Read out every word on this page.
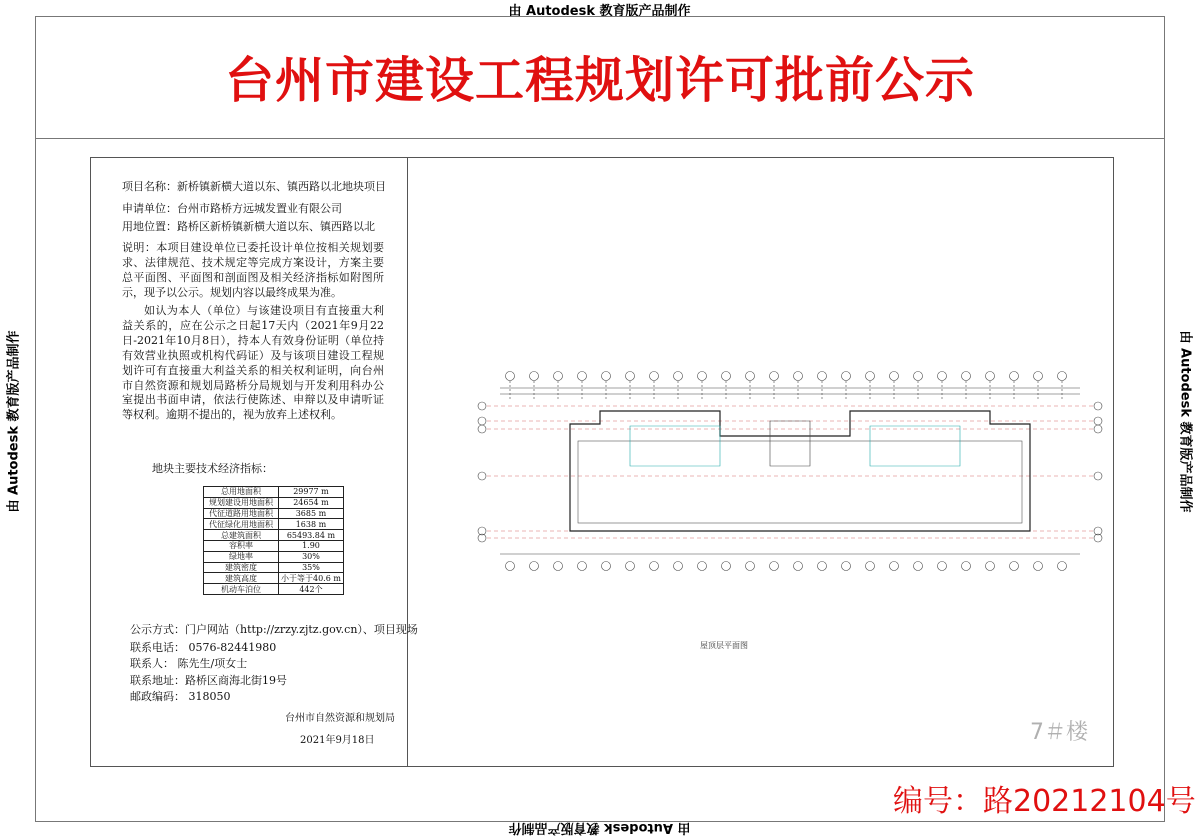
由 Autodesk 教育版产品制作
由 Autodesk 教育版产品制作
由 Autodesk 教育版产品制作	由 Autodesk 教育版产品制作
台州市建设工程规划许可批前公示
项目名称：新桥镇新横大道以东、镇西路以北地块项目
申请单位：台州市路桥方远城发置业有限公司
用地位置：路桥区新桥镇新横大道以东、镇西路以北
说明：本项目建设单位已委托设计单位按相关规划要求、法律规范、技术规定等完成方案设计，方案主要总平面图、平面图和剖面图及相关经济指标如附图所示，现予以公示。规划内容以最终成果为准。
如认为本人（单位）与该建设项目有直接重大利益关系的，应在公示之日起17天内（2021年9月22日-2021年10月8日），持本人有效身份证明（单位持有效营业执照或机构代码证）及与该项目建设工程规划许可有直接重大利益关系的相关权利证明，向台州市自然资源和规划局路桥分局规划与开发利用科办公室提出书面申请，依法行使陈述、申辩以及申请听证等权利。逾期不提出的，视为放弃上述权利。
地块主要技术经济指标：
总用地面积	29977 m
规划建设用地面积	24654 m
代征道路用地面积	3685 m
代征绿化用地面积	1638 m
总建筑面积	65493.84 m
容积率	1.90
绿地率	30%
建筑密度	35%
建筑高度	小于等于40.6 m
机动车泊位	442个
公示方式：门户网站（http://zrzy.zjtz.gov.cn）、项目现场
联系电话： 0576-82441980
联系人： 陈先生/项女士
联系地址：路桥区商海北街19号
邮政编码： 318050
台州市自然资源和规划局
2021年9月18日
屋顶层平面图
7＃楼
编号：路20212104号
